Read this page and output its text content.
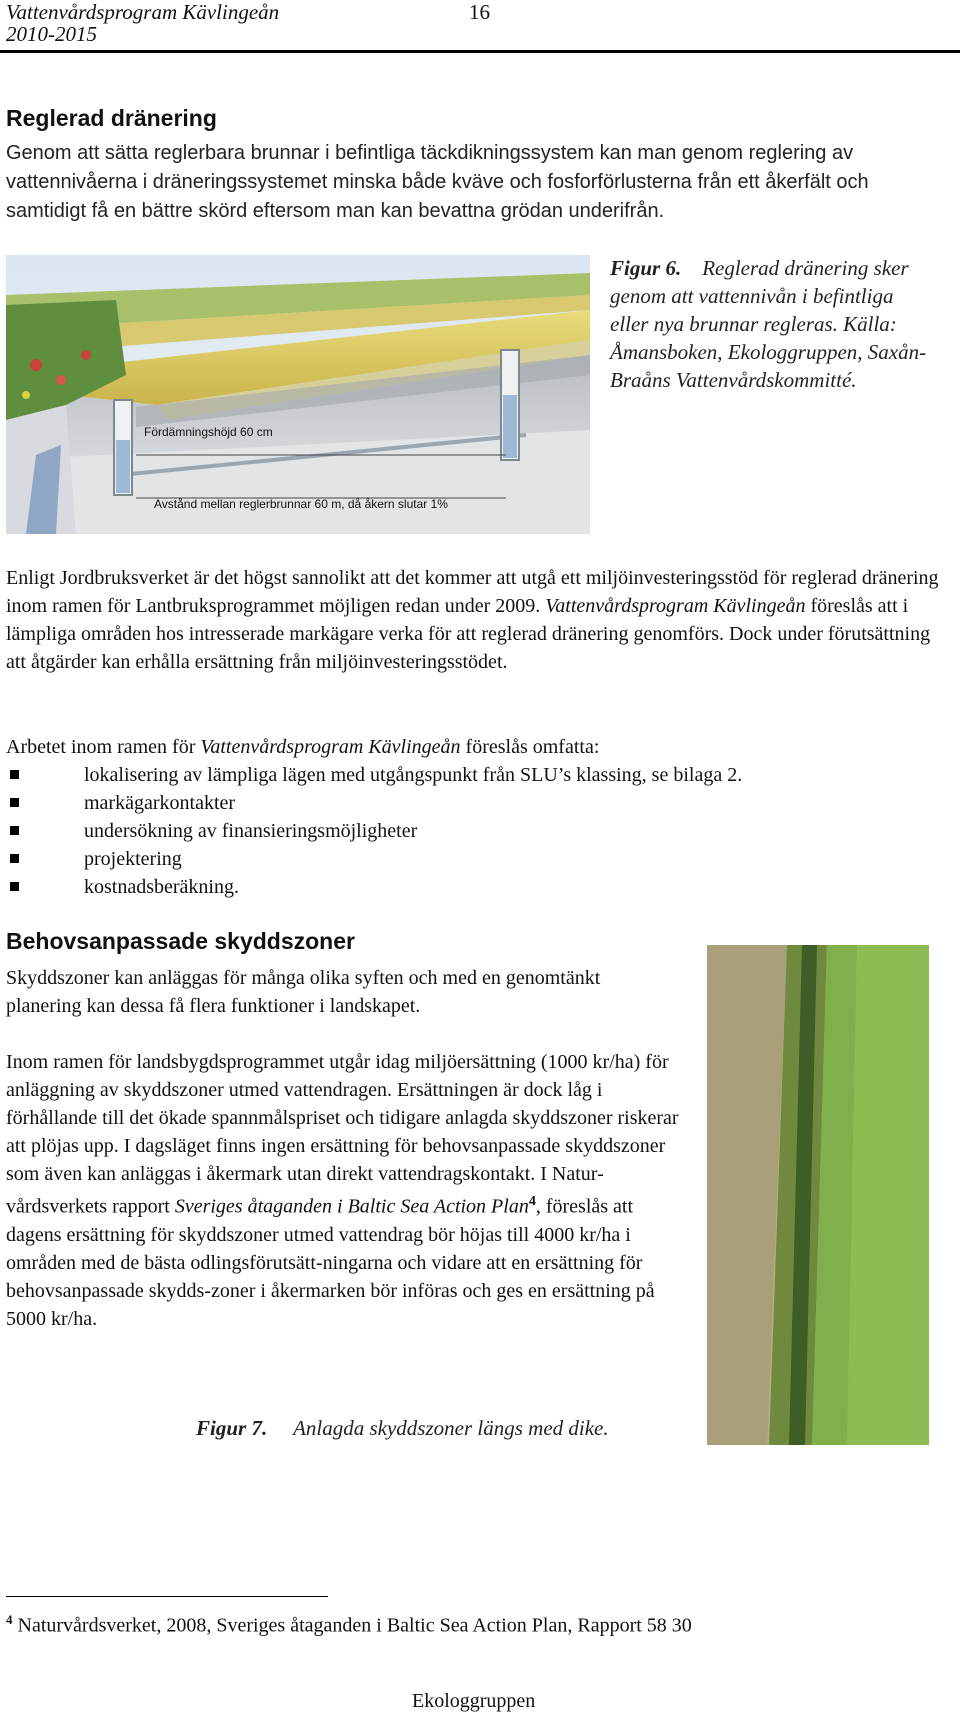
Vattenvårdsprogram Kävlingeån
2010-2015
16
Reglerad dränering
Genom att sätta reglerbara brunnar i befintliga täckdikningssystem kan man genom reglering av vattennivåerna i dräneringssystemet minska både kväve och fosforförlusterna från ett åkerfält och samtidigt få en bättre skörd eftersom man kan bevattna grödan underifrån.
Fördämningshöjd 60 cm
Avstånd mellan reglerbrunnar 60 m, då åkern slutar 1%
Figur 6. Reglerad dränering sker genom att vattennivån i befintliga eller nya brunnar regleras. Källa: Åmansboken, Ekologgruppen, Saxån-Braåns Vattenvårdskommitté.

Enligt Jordbruksverket är det högst sannolikt att det kommer att utgå ett miljöinvesteringsstöd för reglerad dränering inom ramen för Lantbruksprogrammet möjligen redan under 2009. Vattenvårdsprogram Kävlingeån föreslås att i lämpliga områden hos intresserade markägare verka för att reglerad dränering genomförs. Dock under förutsättning att åtgärder kan erhålla ersättning från miljöinvesteringsstödet.

Arbetet inom ramen för Vattenvårdsprogram Kävlingeån föreslås omfatta:

lokalisering av lämpliga lägen med utgångspunkt från SLU’s klassing, se bilaga 2.
markägarkontakter
undersökning av finansieringsmöjligheter
projektering
kostnadsberäkning.
Behovsanpassade skyddszoner
Skyddszoner kan anläggas för många olika syften och med en genomtänkt planering kan dessa få flera funktioner i landskapet.

Inom ramen för landsbygdsprogrammet utgår idag miljöersättning (1000 kr/ha) för anläggning av skyddszoner utmed vattendragen. Ersättningen är dock låg i förhållande till det ökade spannmålspriset och tidigare anlagda skyddszoner riskerar att plöjas upp. I dagsläget finns ingen ersättning för behovsanpassade skyddszoner som även kan anläggas i åkermark utan direkt vattendragskontakt. I Natur-vårdsverkets rapport Sveriges åtaganden i Baltic Sea Action Plan$^4$, föreslås att dagens ersättning för skyddszoner utmed vattendrag bör höjas till 4000 kr/ha i områden med de bästa odlingsförutsätt-ningarna och vidare att en ersättning för behovsanpassade skydds-zoner i åkermarken bör införas och ges en ersättning på 5000 kr/ha.

Figur 7. Anlagda skyddszoner längs med dike.
$^4$ Naturvårdsverket, 2008, Sveriges åtaganden i Baltic Sea Action Plan, Rapport 58 30
Ekologgruppen
